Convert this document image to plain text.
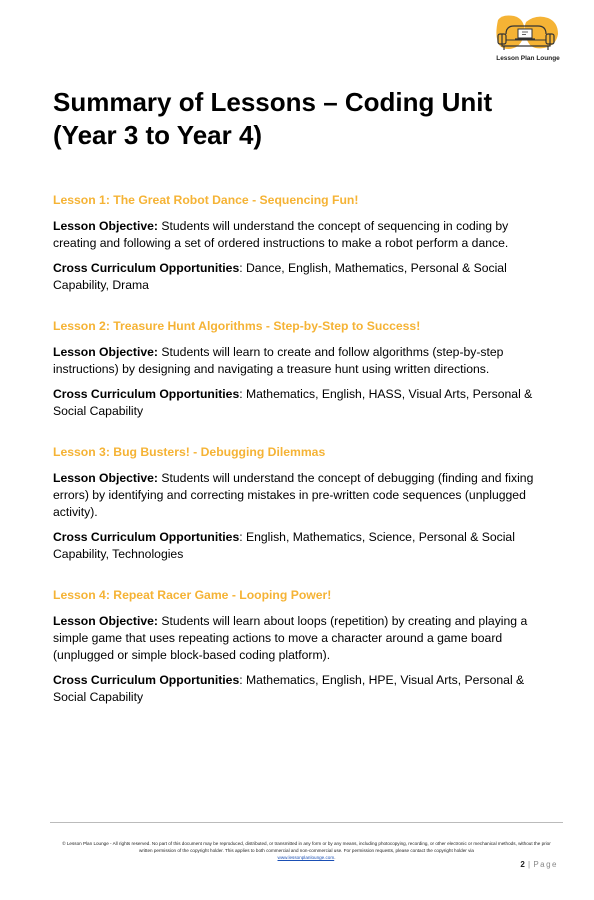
Lesson Plan Lounge
Summary of Lessons – Coding Unit (Year 3 to Year 4)
Lesson 1: The Great Robot Dance - Sequencing Fun!

Lesson Objective: Students will understand the concept of sequencing in coding by creating and following a set of ordered instructions to make a robot perform a dance.

Cross Curriculum Opportunities: Dance, English, Mathematics, Personal & Social Capability, Drama

Lesson 2: Treasure Hunt Algorithms - Step-by-Step to Success!

Lesson Objective: Students will learn to create and follow algorithms (step-by-step instructions) by designing and navigating a treasure hunt using written directions.

Cross Curriculum Opportunities: Mathematics, English, HASS, Visual Arts, Personal & Social Capability

Lesson 3: Bug Busters! - Debugging Dilemmas

Lesson Objective: Students will understand the concept of debugging (finding and fixing errors) by identifying and correcting mistakes in pre-written code sequences (unplugged activity).

Cross Curriculum Opportunities: English, Mathematics, Science, Personal & Social Capability, Technologies

Lesson 4: Repeat Racer Game - Looping Power!

Lesson Objective: Students will learn about loops (repetition) by creating and playing a simple game that uses repeating actions to move a character around a game board (unplugged or simple block-based coding platform).

Cross Curriculum Opportunities: Mathematics, English, HPE, Visual Arts, Personal & Social Capability

© Lesson Plan Lounge - All rights reserved. No part of this document may be reproduced, distributed, or transmitted in any form or by any means, including photocopying, recording, or other electronic or mechanical methods, without the prior written permission of the copyright holder. This applies to both commercial and non-commercial use. For permission requests, please contact the copyright holder via
www.lessonplanlounge.com.
2 | Page
